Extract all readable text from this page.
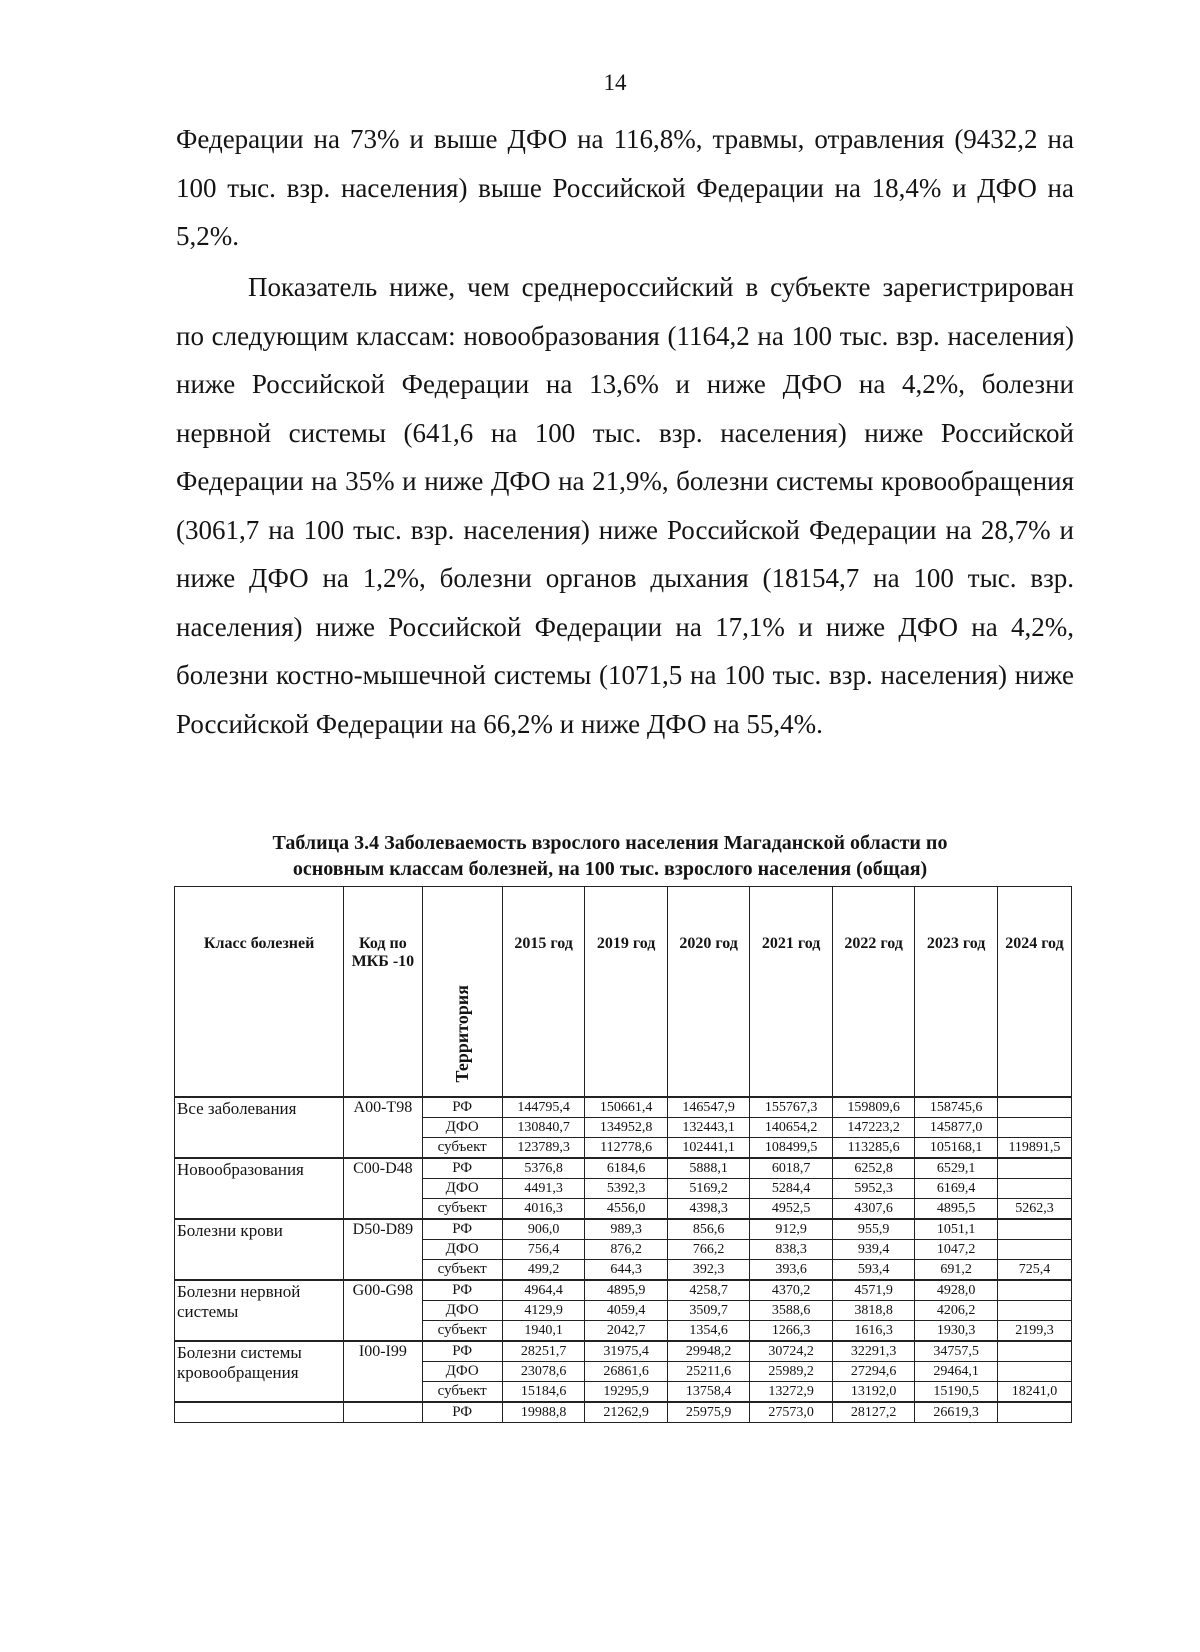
14

Федерации на 73% и выше ДФО на 116,8%, травмы, отравления (9432,2 на 100 тыс. взр. населения) выше Российской Федерации на 18,4% и ДФО на 5,2%.

Показатель ниже, чем среднероссийский в субъекте зарегистрирован по следующим классам: новообразования (1164,2 на 100 тыс. взр. населения) ниже Российской Федерации на 13,6% и ниже ДФО на 4,2%, болезни нервной системы (641,6 на 100 тыс. взр. населения) ниже Российской Федерации на 35% и ниже ДФО на 21,9%, болезни системы кровообращения (3061,7 на 100 тыс. взр. населения) ниже Российской Федерации на 28,7% и ниже ДФО на 1,2%, болезни органов дыхания (18154,7 на 100 тыс. взр. населения) ниже Российской Федерации на 17,1% и ниже ДФО на 4,2%, болезни костно-мышечной системы (1071,5 на 100 тыс. взр. населения) ниже Российской Федерации на 66,2% и ниже ДФО на 55,4%.

Таблица 3.4 Заболеваемость взрослого населения Магаданской области по
основным классам болезней, на 100 тыс. взрослого населения (общая)
Класс болезней	Код по МКБ -10	Территория	2015 год	2019 год	2020 год	2021 год	2022 год	2023 год	2024 год
Все заболевания	A00-T98	РФ	144795,4	150661,4	146547,9	155767,3	159809,6	158745,6	
		ДФО	130840,7	134952,8	132443,1	140654,2	147223,2	145877,0	
		субъект	123789,3	112778,6	102441,1	108499,5	113285,6	105168,1	119891,5
Новообразования	C00-D48	РФ	5376,8	6184,6	5888,1	6018,7	6252,8	6529,1	
		ДФО	4491,3	5392,3	5169,2	5284,4	5952,3	6169,4	
		субъект	4016,3	4556,0	4398,3	4952,5	4307,6	4895,5	5262,3
Болезни крови	D50-D89	РФ	906,0	989,3	856,6	912,9	955,9	1051,1	
		ДФО	756,4	876,2	766,2	838,3	939,4	1047,2	
		субъект	499,2	644,3	392,3	393,6	593,4	691,2	725,4
Болезни нервной системы	G00-G98	РФ	4964,4	4895,9	4258,7	4370,2	4571,9	4928,0	
		ДФО	4129,9	4059,4	3509,7	3588,6	3818,8	4206,2	
		субъект	1940,1	2042,7	1354,6	1266,3	1616,3	1930,3	2199,3
Болезни системы кровообращения	I00-I99	РФ	28251,7	31975,4	29948,2	30724,2	32291,3	34757,5	
		ДФО	23078,6	26861,6	25211,6	25989,2	27294,6	29464,1	
		субъект	15184,6	19295,9	13758,4	13272,9	13192,0	15190,5	18241,0
		РФ	19988,8	21262,9	25975,9	27573,0	28127,2	26619,3	
